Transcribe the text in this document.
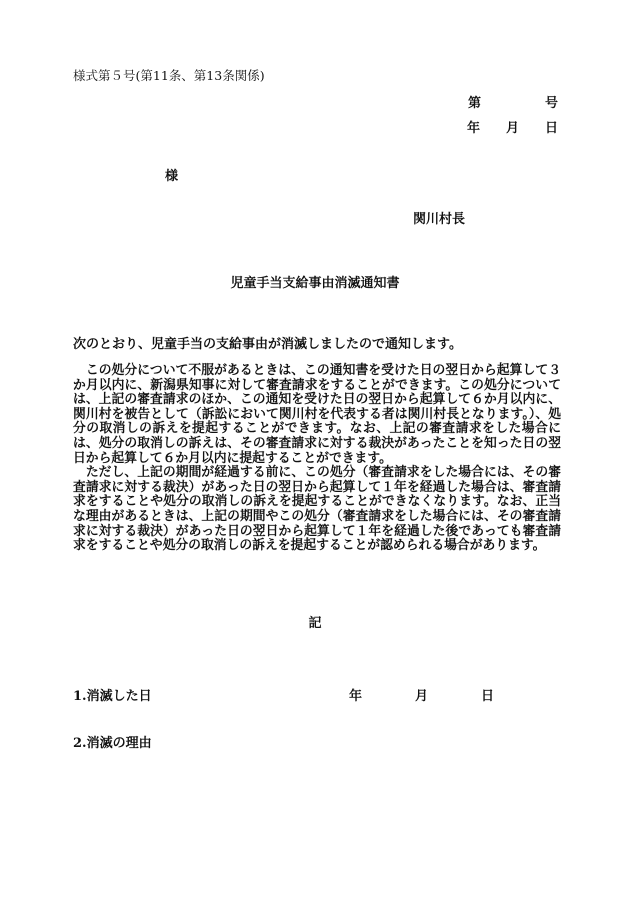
様式第５号(第11条、第13条関係)
第	号
年 月 日
様
関川村長
児童手当支給事由消滅通知書
次のとおり、児童手当の支給事由が消滅しましたので通知します。

　この処分について不服があるときは、この通知書を受けた日の翌日から起算して３か月以内に、新潟県知事に対して審査請求をすることができます。この処分については、上記の審査請求のほか、この通知を受けた日の翌日から起算して６か月以内に、関川村を被告として（訴訟において関川村を代表する者は関川村長となります。）、処分の取消しの訴えを提起することができます。なお、上記の審査請求をした場合には、処分の取消しの訴えは、その審査請求に対する裁決があったことを知った日の翌日から起算して６か月以内に提起することができます。

　ただし、上記の期間が経過する前に、この処分（審査請求をした場合には、その審査請求に対する裁決）があった日の翌日から起算して１年を経過した場合は、審査請求をすることや処分の取消しの訴えを提起することができなくなります。なお、正当な理由があるときは、上記の期間やこの処分（審査請求をした場合には、その審査請求に対する裁決）があった日の翌日から起算して１年を経過した後であっても審査請求をすることや処分の取消しの訴えを提起することが認められる場合があります。

記
1.消滅した日	年	月	日
2.消滅の理由
